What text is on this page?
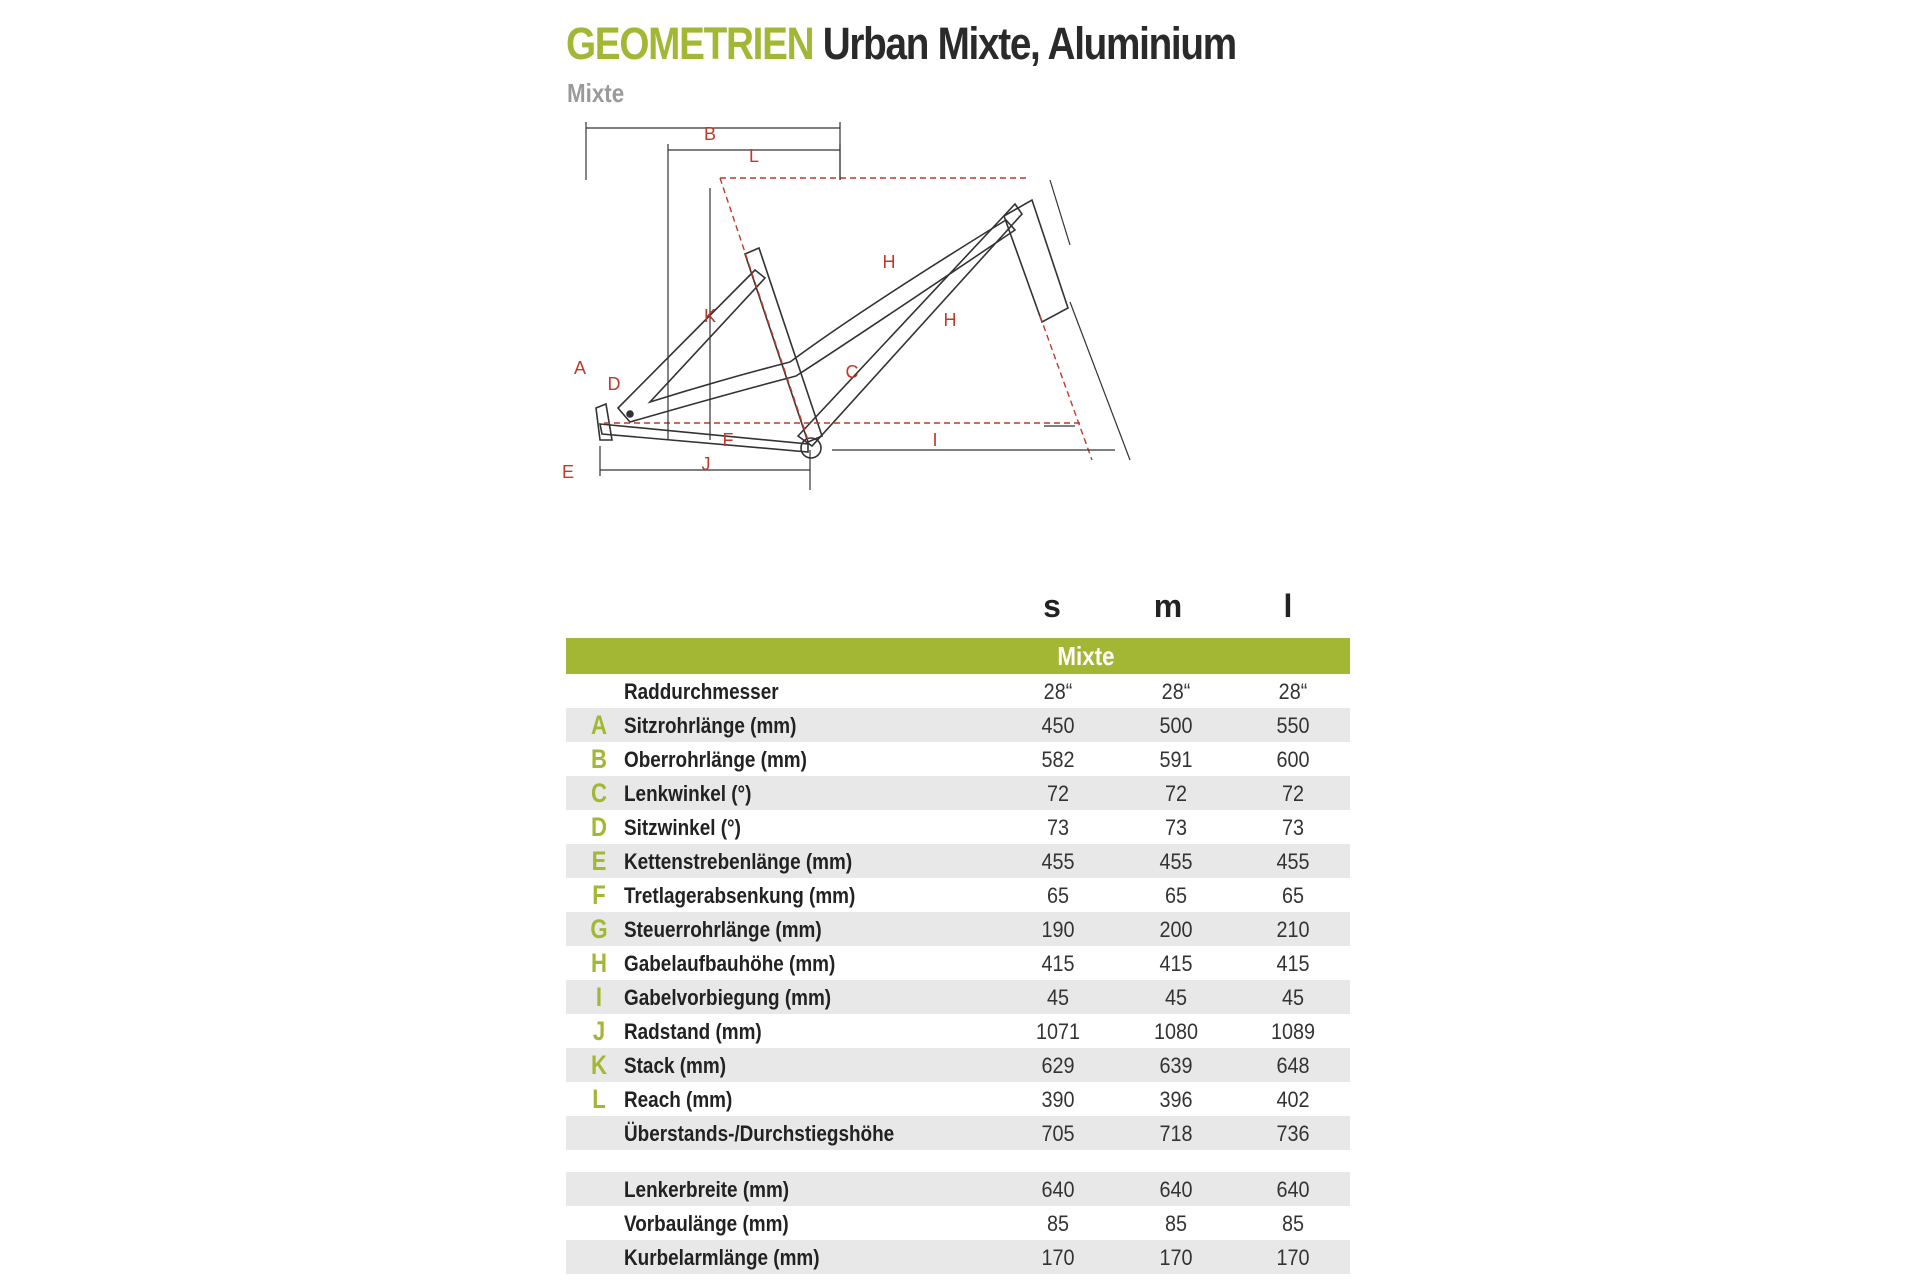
GEOMETRIEN Urban Mixte, Aluminium
Mixte
B
L
H
H
K
A
D
C
F
E	J
I
s	m	l
Mixte
Raddurchmesser	28“	28“	28“
A Sitzrohrlänge (mm)	450	500	550
B Oberrohrlänge (mm)	582	591	600
C Lenkwinkel (°)	72	72	72
D Sitzwinkel (°)	73	73	73
E Kettenstrebenlänge (mm)	455	455	455
F Tretlagerabsenkung (mm)	65	65	65
G Steuerrohrlänge (mm)	190	200	210
H Gabelaufbauhöhe (mm)	415	415	415
I Gabelvorbiegung (mm)	45	45	45
J Radstand (mm)	1071	1080	1089
K Stack (mm)	629	639	648
L Reach (mm)	390	396	402
Überstands-/Durchstiegshöhe	705	718	736
Lenkerbreite (mm)	640	640	640
Vorbaulänge (mm)	85	85	85
Kurbelarmlänge (mm)	170	170	170
